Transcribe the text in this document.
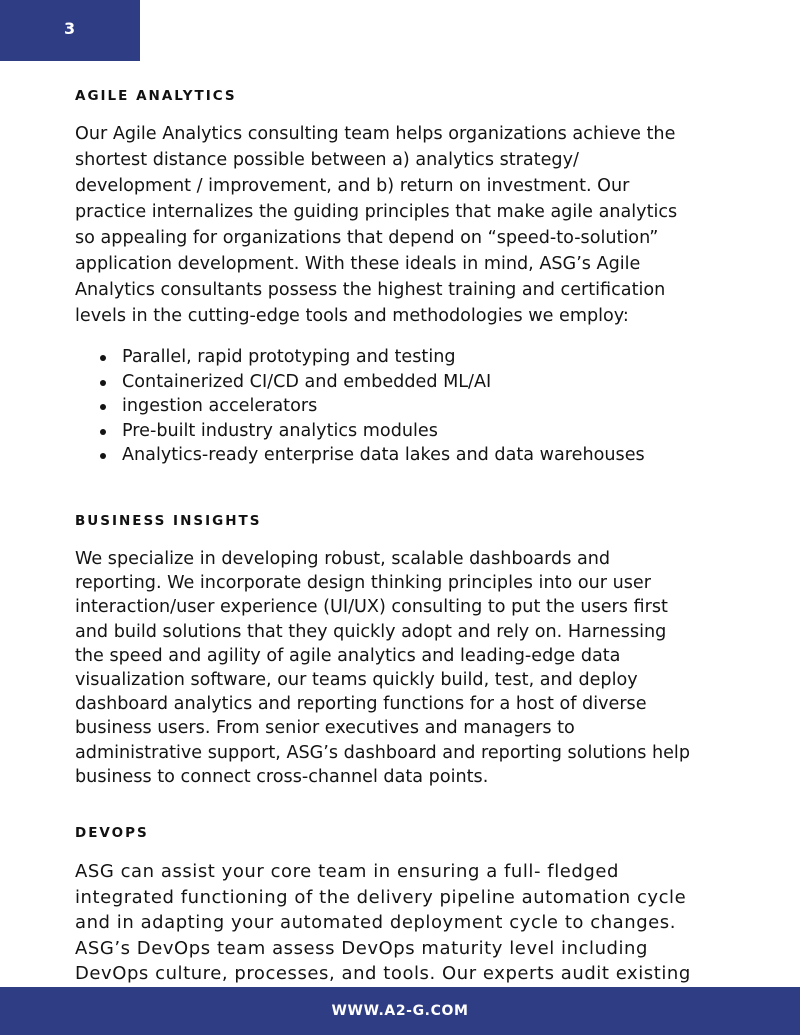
3
AGILE ANALYTICS

Our Agile Analytics consulting team helps organizations achieve the
shortest distance possible between a) analytics strategy/
development / improvement, and b) return on investment. Our
practice internalizes the guiding principles that make agile analytics
so appealing for organizations that depend on “speed-to-solution”
application development. With these ideals in mind, ASG’s Agile
Analytics consultants possess the highest training and certification
levels in the cutting-edge tools and methodologies we employ:

Parallel, rapid prototyping and testing
Containerized CI/CD and embedded ML/AI
ingestion accelerators
Pre-built industry analytics modules
Analytics-ready enterprise data lakes and data warehouses
BUSINESS INSIGHTS

We specialize in developing robust, scalable dashboards and
reporting. We incorporate design thinking principles into our user
interaction/user experience (UI/UX) consulting to put the users first
and build solutions that they quickly adopt and rely on. Harnessing
the speed and agility of agile analytics and leading-edge data
visualization software, our teams quickly build, test, and deploy
dashboard analytics and reporting functions for a host of diverse
business users. From senior executives and managers to
administrative support, ASG’s dashboard and reporting solutions help
business to connect cross-channel data points.

DEVOPS

ASG can assist your core team in ensuring a full- fledged
integrated functioning of the delivery pipeline automation cycle
and in adapting your automated deployment cycle to changes.
ASG’s DevOps team assess DevOps maturity level including
DevOps culture, processes, and tools. Our experts audit existing

WWW.A2-G.COM
